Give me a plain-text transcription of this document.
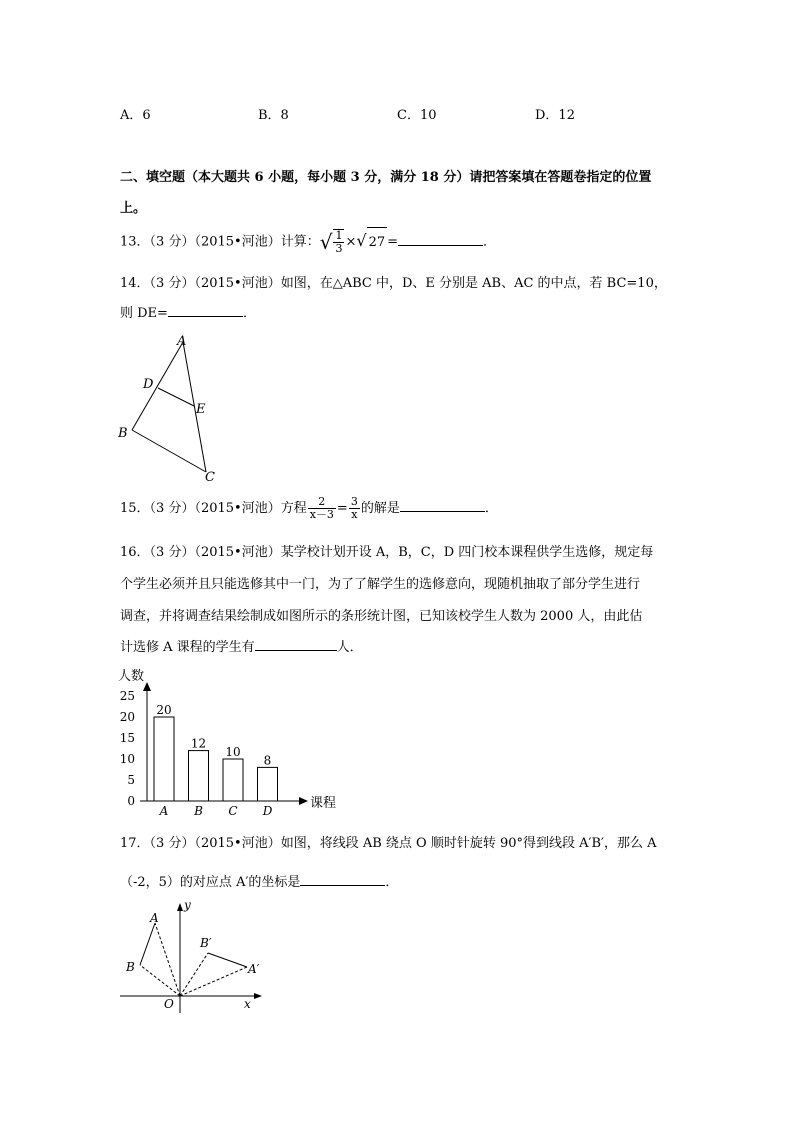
A．6	B．8	C．10	D．12
二、填空题（本大题共 6 小题，每小题 3 分，满分 18 分）请把答案填在答题卷指定的位置
上。
13．（3 分）（2015•河池）计算：√ $\frac{1}{3}$ ×√ 27 =	．
14．（3 分）（2015•河池）如图，在△ABC 中，D、E 分别是 AB、AC 的中点，若 BC=10，
则 DE=	．
A
D
E
B
C
15．（3 分）（2015•河池）方程 $\frac{2}{x-3} = \frac{3}{x}$ 的解是	．
16．（3 分）（2015•河池）某学校计划开设 A，B，C，D 四门校本课程供学生选修，规定每
个学生必须并且只能选修其中一门，为了了解学生的选修意向，现随机抽取了部分学生进行
调查，并将调查结果绘制成如图所示的条形统计图，已知该校学生人数为 2000 人，由此估
计选修 A 课程的学生有	人．
人数
课程
0
5
10
15
20
25
20
A
12
B
10
C
8
D
17．（3 分）（2015•河池）如图，将线段 AB 绕点 O 顺时针旋转 90°得到线段 A′B′，那么 A
（-2，5）的对应点 A′的坐标是	．
A
B
B′
A′
O	x
y
